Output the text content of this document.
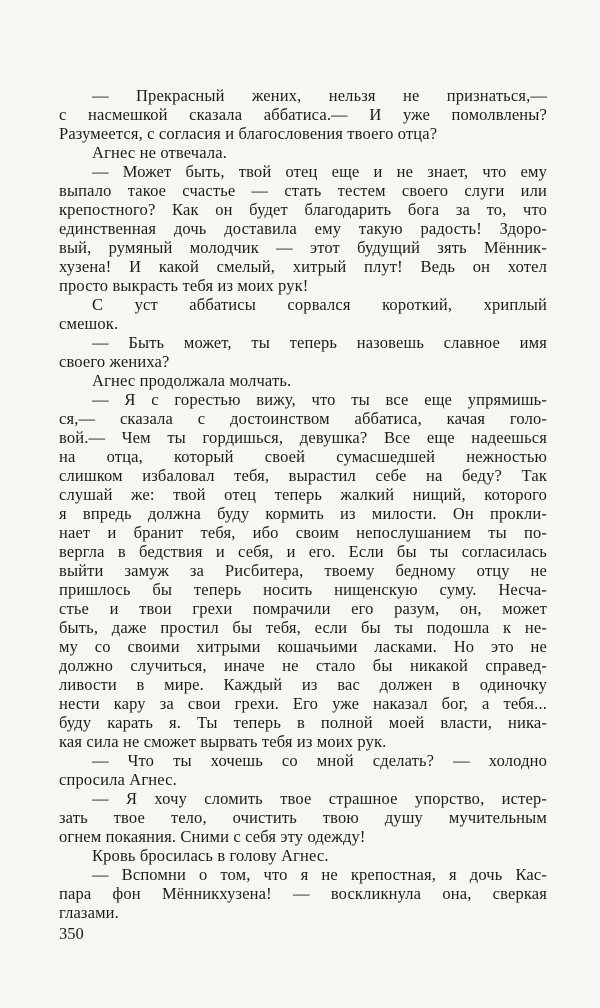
— Прекрасный жених, нельзя не признаться,—
с насмешкой сказала аббатиса.— И уже помолвлены?
Разумеется, с согласия и благословения твоего отца?
Агнес не отвечала.
— Может быть, твой отец еще и не знает, что ему
выпало такое счастье — стать тестем своего слуги или
крепостного? Как он будет благодарить бога за то, что
единственная дочь доставила ему такую радость! Здоро-
вый, румяный молодчик — этот будущий зять Мённик-
хузена! И какой смелый, хитрый плут! Ведь он хотел
просто выкрасть тебя из моих рук!
С уст аббатисы сорвался короткий, хриплый
смешок.
— Быть может, ты теперь назовешь славное имя
своего жениха?
Агнес продолжала молчать.
— Я с горестью вижу, что ты все еще упрямишь-
ся,— сказала с достоинством аббатиса, качая голо-
вой.— Чем ты гордишься, девушка? Все еще надеешься
на отца, который своей сумасшедшей нежностью
слишком избаловал тебя, вырастил себе на беду? Так
слушай же: твой отец теперь жалкий нищий, которого
я впредь должна буду кормить из милости. Он прокли-
нает и бранит тебя, ибо своим непослушанием ты по-
вергла в бедствия и себя, и его. Если бы ты согласилась
выйти замуж за Рисбитера, твоему бедному отцу не
пришлось бы теперь носить нищенскую суму. Несча-
стье и твои грехи помрачили его разум, он, может
быть, даже простил бы тебя, если бы ты подошла к не-
му со своими хитрыми кошачьими ласками. Но это не
должно случиться, иначе не стало бы никакой справед-
ливости в мире. Каждый из вас должен в одиночку
нести кару за свои грехи. Его уже наказал бог, а тебя...
буду карать я. Ты теперь в полной моей власти, ника-
кая сила не сможет вырвать тебя из моих рук.
— Что ты хочешь со мной сделать? — холодно
спросила Агнес.
— Я хочу сломить твое страшное упорство, истер-
зать твое тело, очистить твою душу мучительным
огнем покаяния. Сними с себя эту одежду!
Кровь бросилась в голову Агнес.
— Вспомни о том, что я не крепостная, я дочь Кас-
пара фон Мённикхузена! — воскликнула она, сверкая
глазами.
350
